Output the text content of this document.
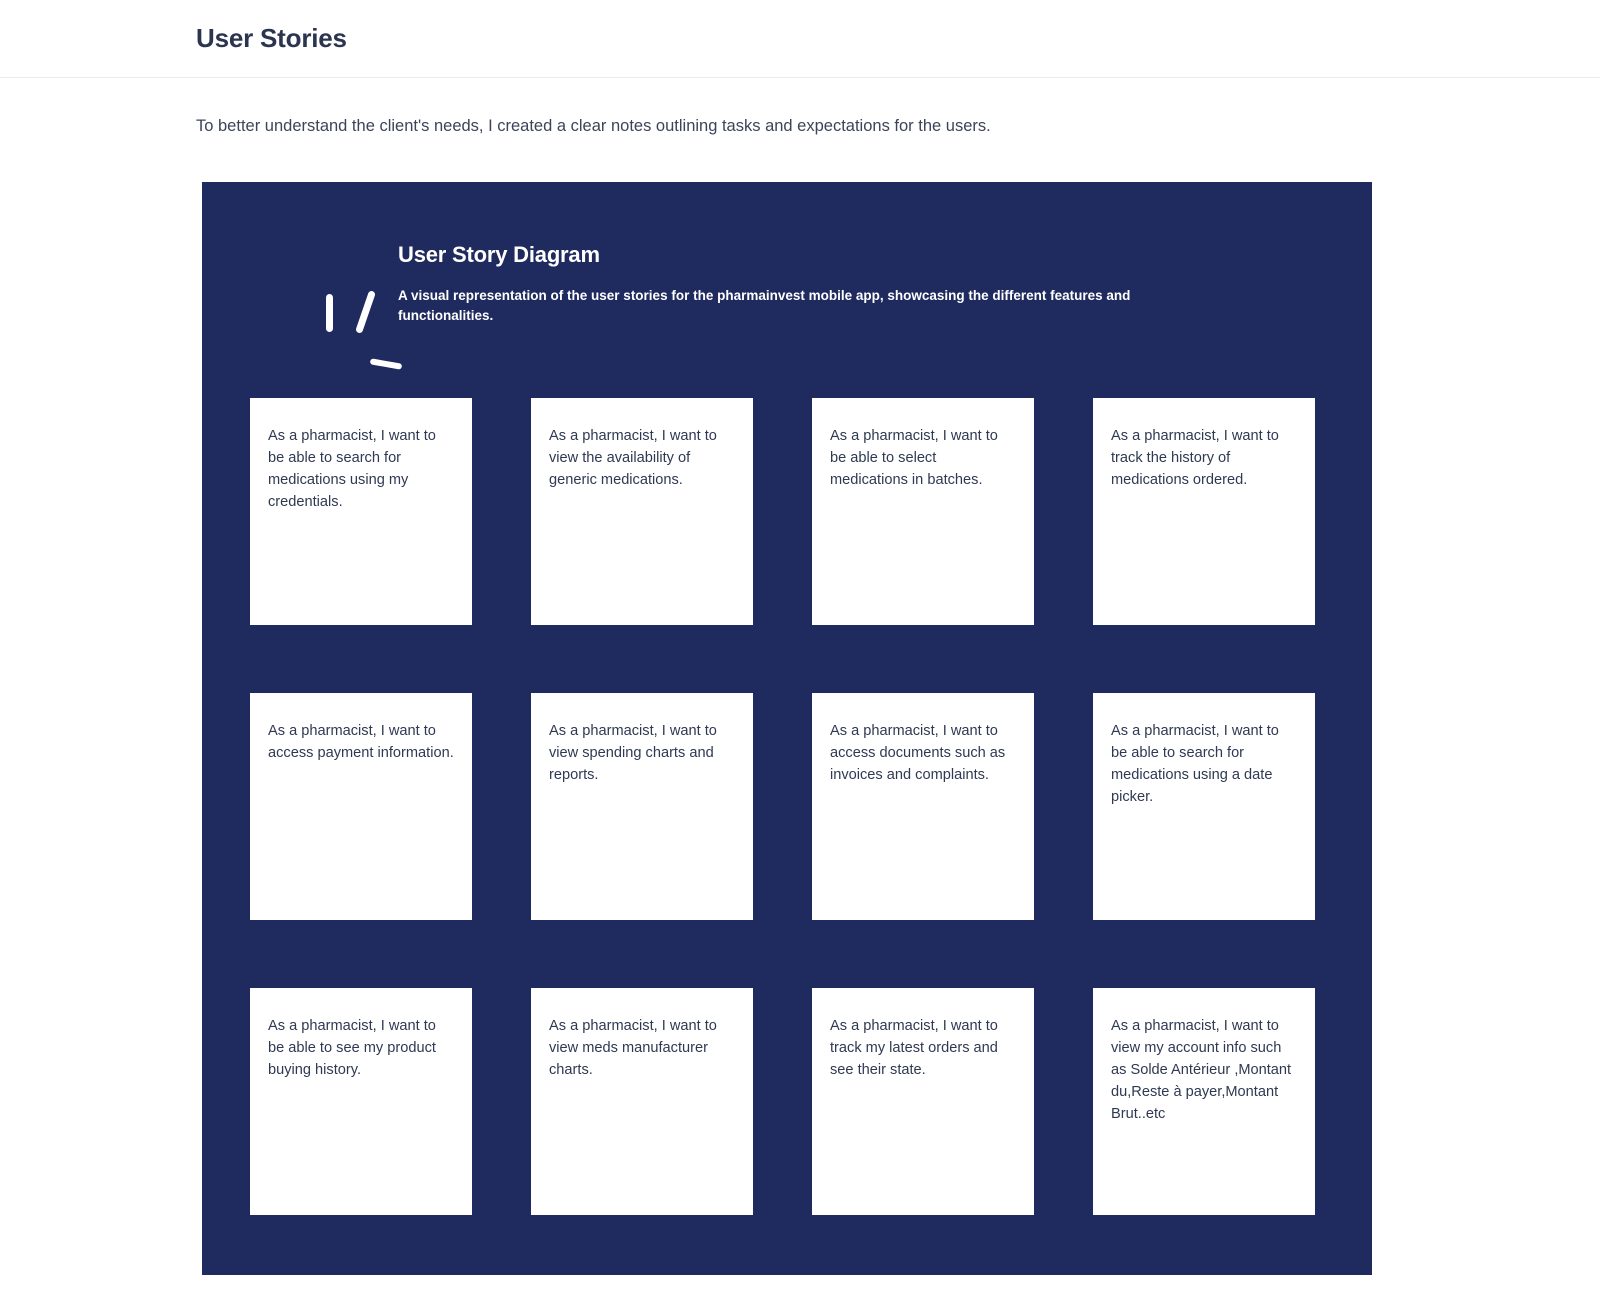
User Stories
To better understand the client's needs, I created a clear notes outlining tasks and expectations for the users.
User Story Diagram
A visual representation of the user stories for the pharmainvest mobile app, showcasing the different features and functionalities.
As a pharmacist, I want to be able to search for medications using my credentials.
As a pharmacist, I want to view the availability of generic medications.
As a pharmacist, I want to be able to select medications in batches.
As a pharmacist, I want to track the history of medications ordered.
As a pharmacist, I want to access payment information.
As a pharmacist, I want to view spending charts and reports.
As a pharmacist, I want to access documents such as invoices and complaints.
As a pharmacist, I want to be able to search for medications using a date picker.
As a pharmacist, I want to be able to see my product buying history.
As a pharmacist, I want to view meds manufacturer charts.
As a pharmacist, I want to track my latest orders and see their state.
As a pharmacist, I want to view my account info such as Solde Antérieur ,Montant du,Reste à payer,Montant Brut..etc
